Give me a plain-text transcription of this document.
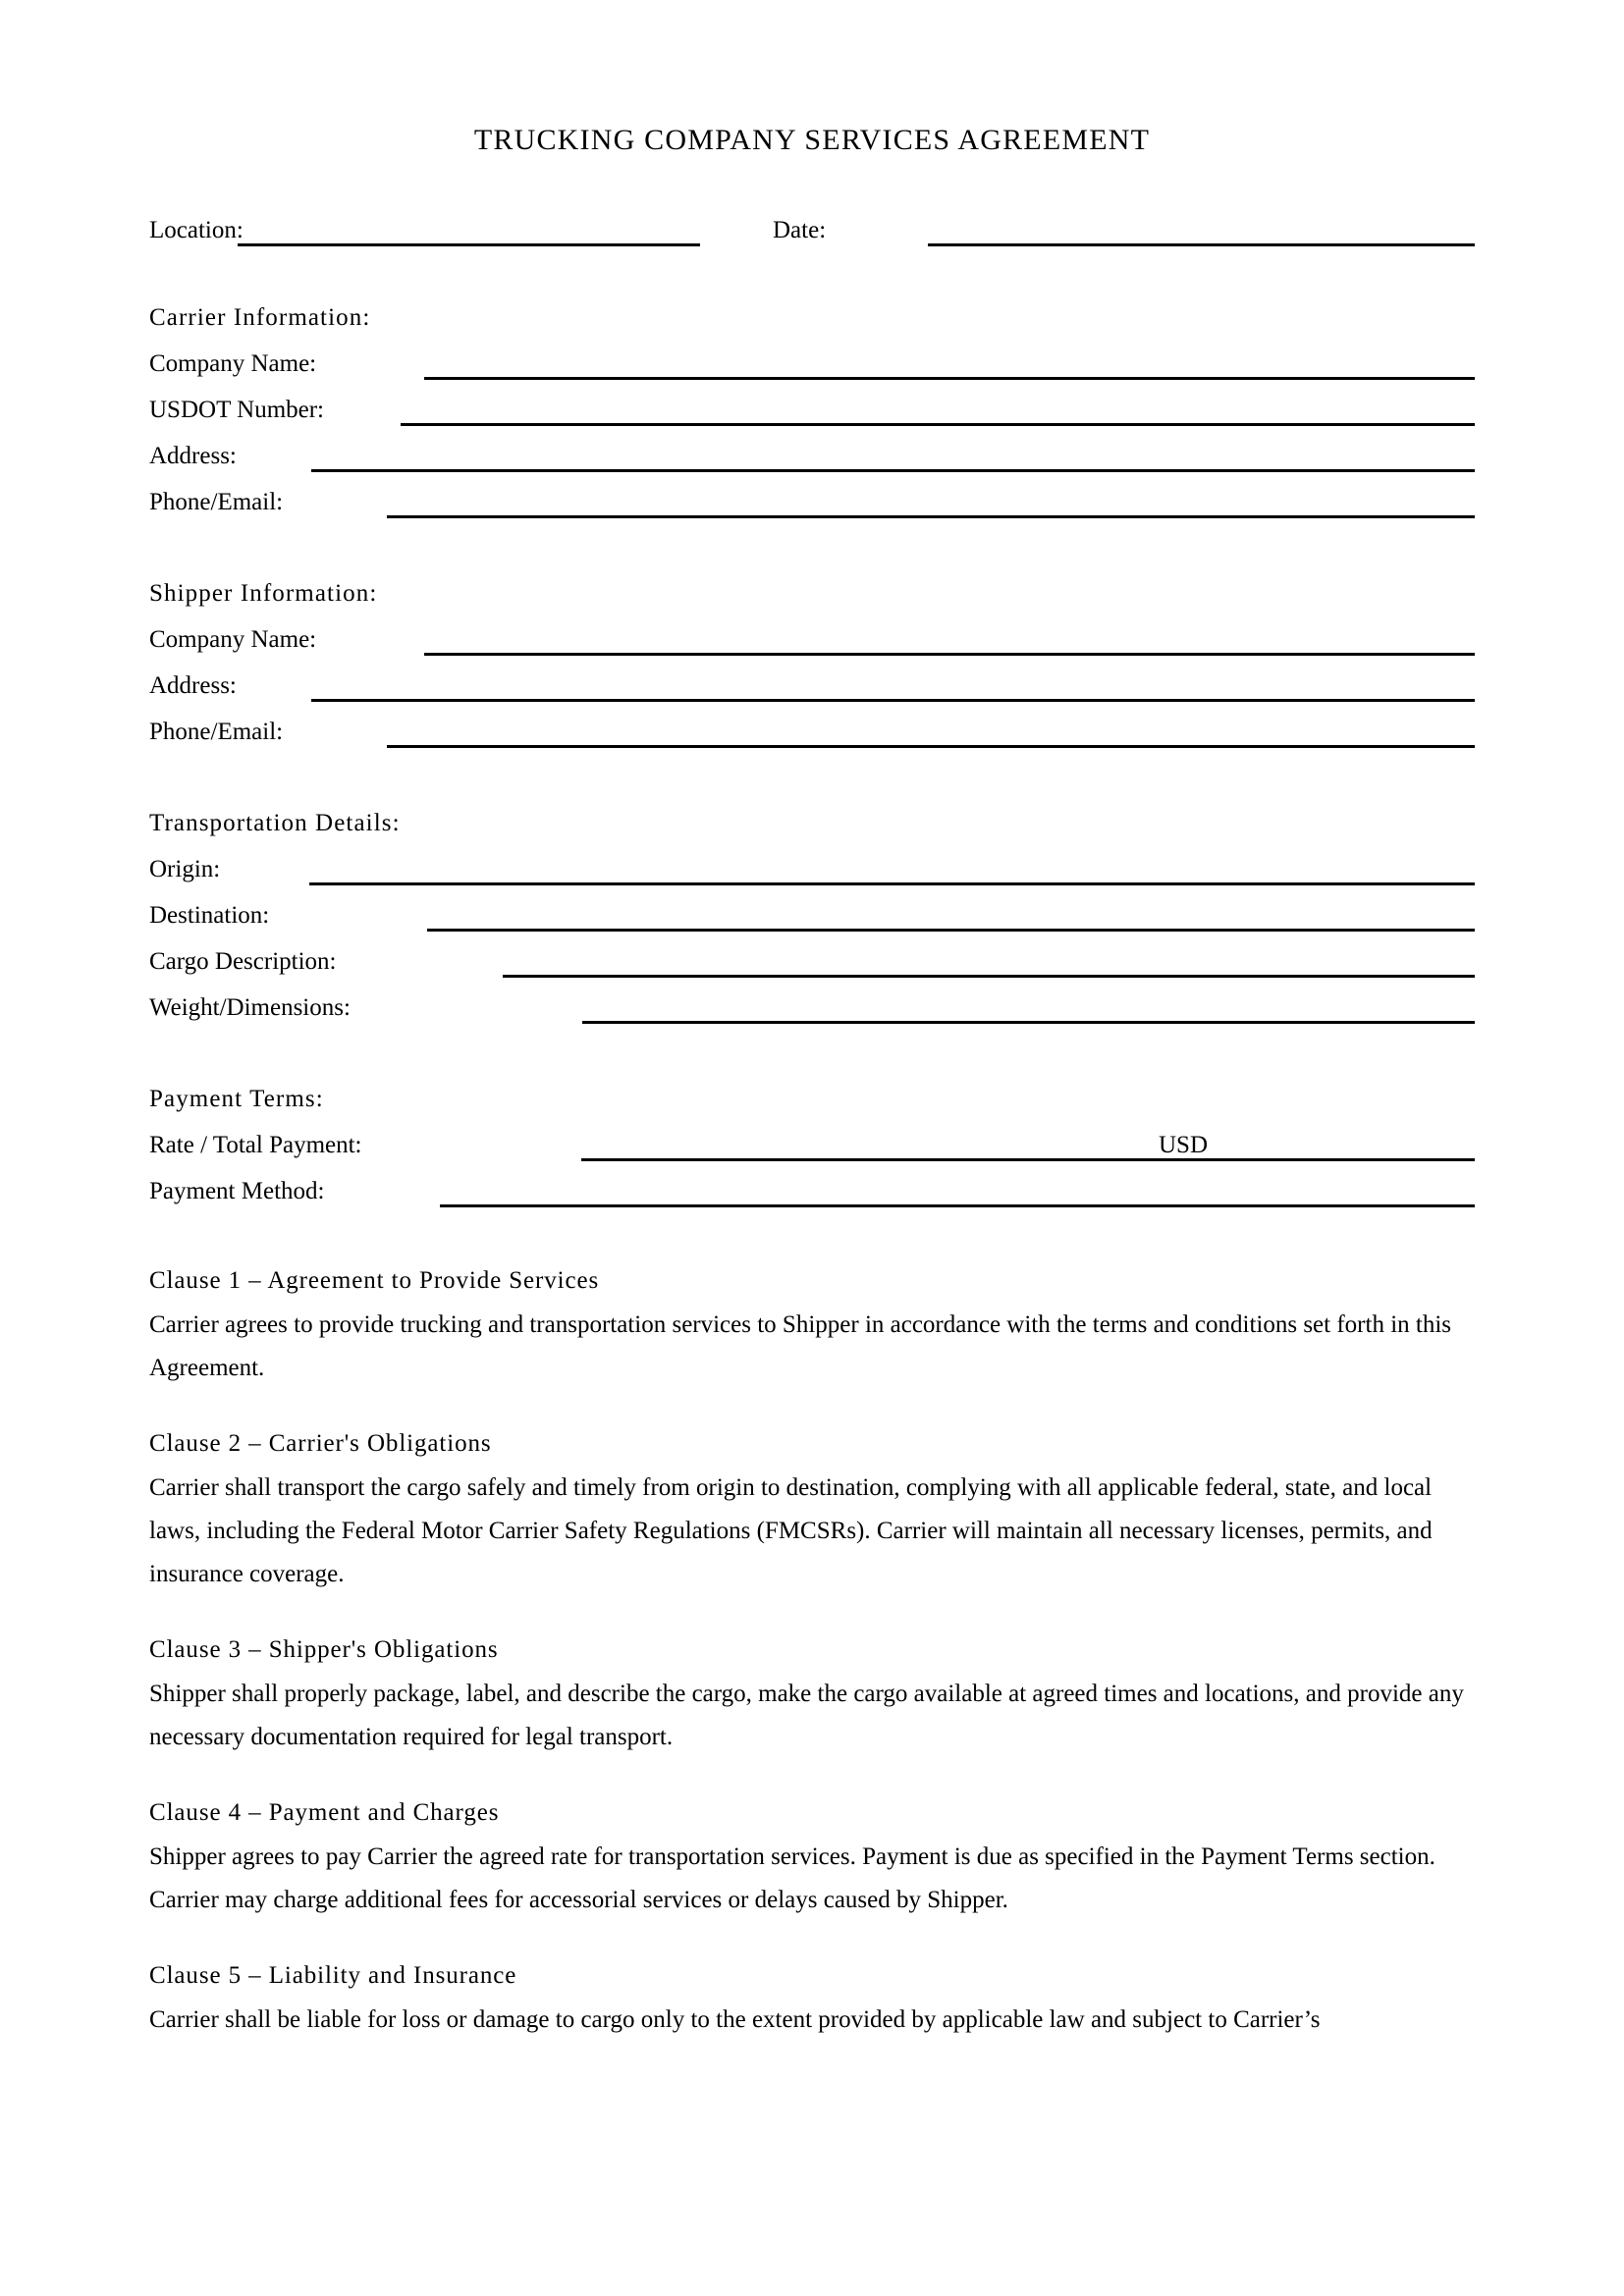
TRUCKING COMPANY SERVICES AGREEMENT
Location:	Date:
Carrier Information:
Company Name:
USDOT Number:
Address:
Phone/Email:
Shipper Information:
Company Name:
Address:
Phone/Email:
Transportation Details:
Origin:
Destination:
Cargo Description:
Weight/Dimensions:
Payment Terms:
Rate / Total Payment:	USD
Payment Method:
Clause 1 – Agreement to Provide Services
Carrier agrees to provide trucking and transportation services to Shipper in accordance with the terms and conditions set forth in this Agreement.
Clause 2 – Carrier's Obligations
Carrier shall transport the cargo safely and timely from origin to destination, complying with all applicable federal, state, and local laws, including the Federal Motor Carrier Safety Regulations (FMCSRs). Carrier will maintain all necessary licenses, permits, and insurance coverage.
Clause 3 – Shipper's Obligations
Shipper shall properly package, label, and describe the cargo, make the cargo available at agreed times and locations, and provide any necessary documentation required for legal transport.
Clause 4 – Payment and Charges
Shipper agrees to pay Carrier the agreed rate for transportation services. Payment is due as specified in the Payment Terms section. Carrier may charge additional fees for accessorial services or delays caused by Shipper.
Clause 5 – Liability and Insurance
Carrier shall be liable for loss or damage to cargo only to the extent provided by applicable law and subject to Carrier’s
